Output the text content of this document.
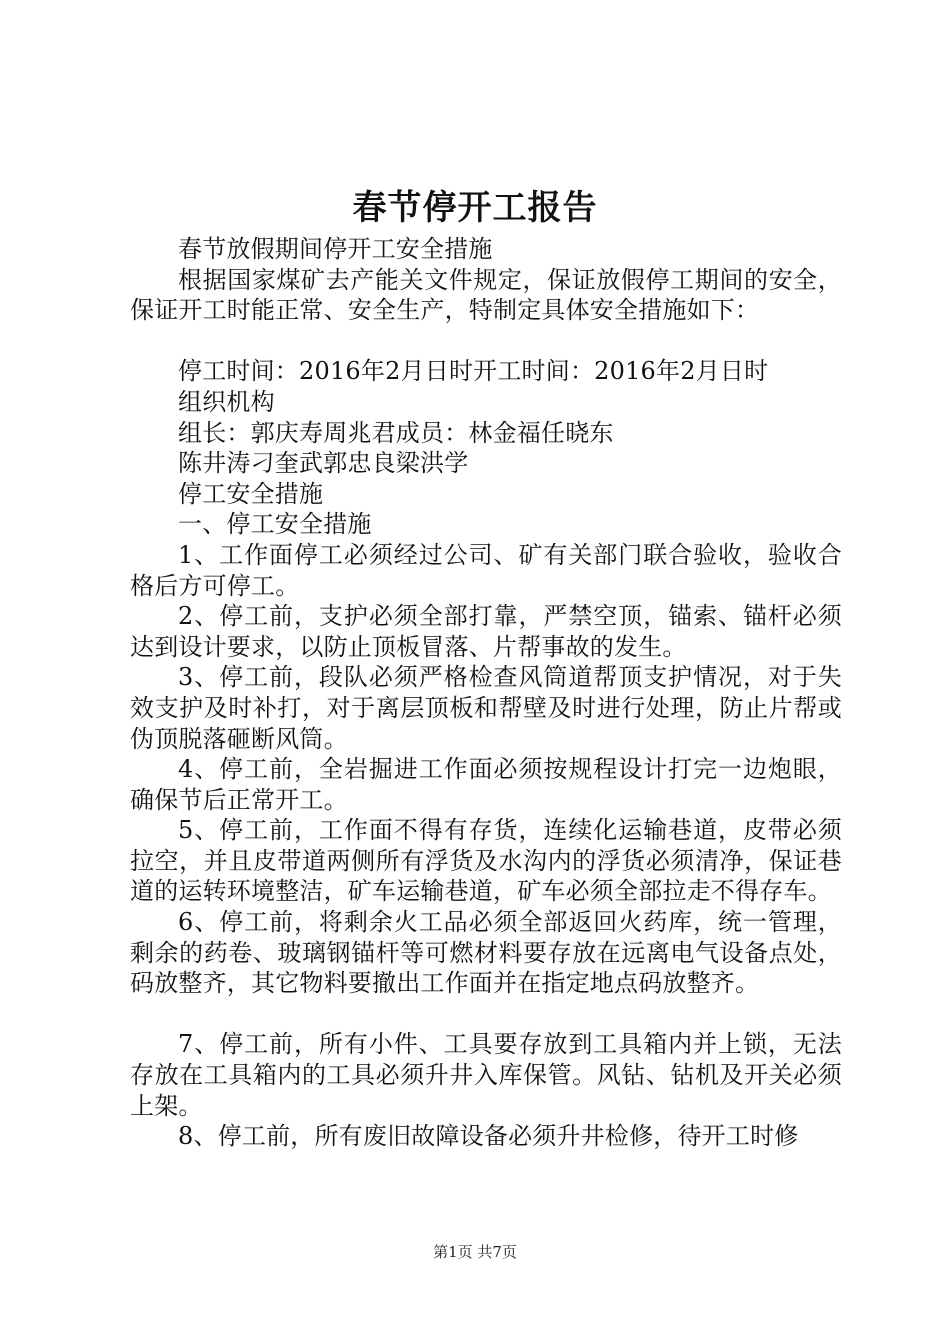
春节停开工报告

春节放假期间停开工安全措施

根据国家煤矿去产能关文件规定，保证放假停工期间的安全，保证开工时能正常、安全生产，特制定具体安全措施如下：

停工时间：2016年2月日时开工时间：2016年2月日时

组织机构

组长：郭庆寿周兆君成员：林金福任晓东

陈井涛刁奎武郭忠良梁洪学

停工安全措施

一、停工安全措施

1、工作面停工必须经过公司、矿有关部门联合验收，验收合格后方可停工。

2、停工前，支护必须全部打靠，严禁空顶，锚索、锚杆必须达到设计要求，以防止顶板冒落、片帮事故的发生。

3、停工前，段队必须严格检查风筒道帮顶支护情况，对于失效支护及时补打，对于离层顶板和帮壁及时进行处理，防止片帮或伪顶脱落砸断风筒。

4、停工前，全岩掘进工作面必须按规程设计打完一边炮眼，确保节后正常开工。

5、停工前，工作面不得有存货，连续化运输巷道，皮带必须拉空，并且皮带道两侧所有浮货及水沟内的浮货必须清净，保证巷道的运转环境整洁，矿车运输巷道，矿车必须全部拉走不得存车。

6、停工前，将剩余火工品必须全部返回火药库，统一管理，剩余的药卷、玻璃钢锚杆等可燃材料要存放在远离电气设备点处，码放整齐，其它物料要撤出工作面并在指定地点码放整齐。

7、停工前，所有小件、工具要存放到工具箱内并上锁，无法存放在工具箱内的工具必须升井入库保管。风钻、钻机及开关必须上架。

8、停工前，所有废旧故障设备必须升井检修，待开工时修

第1页 共7页
